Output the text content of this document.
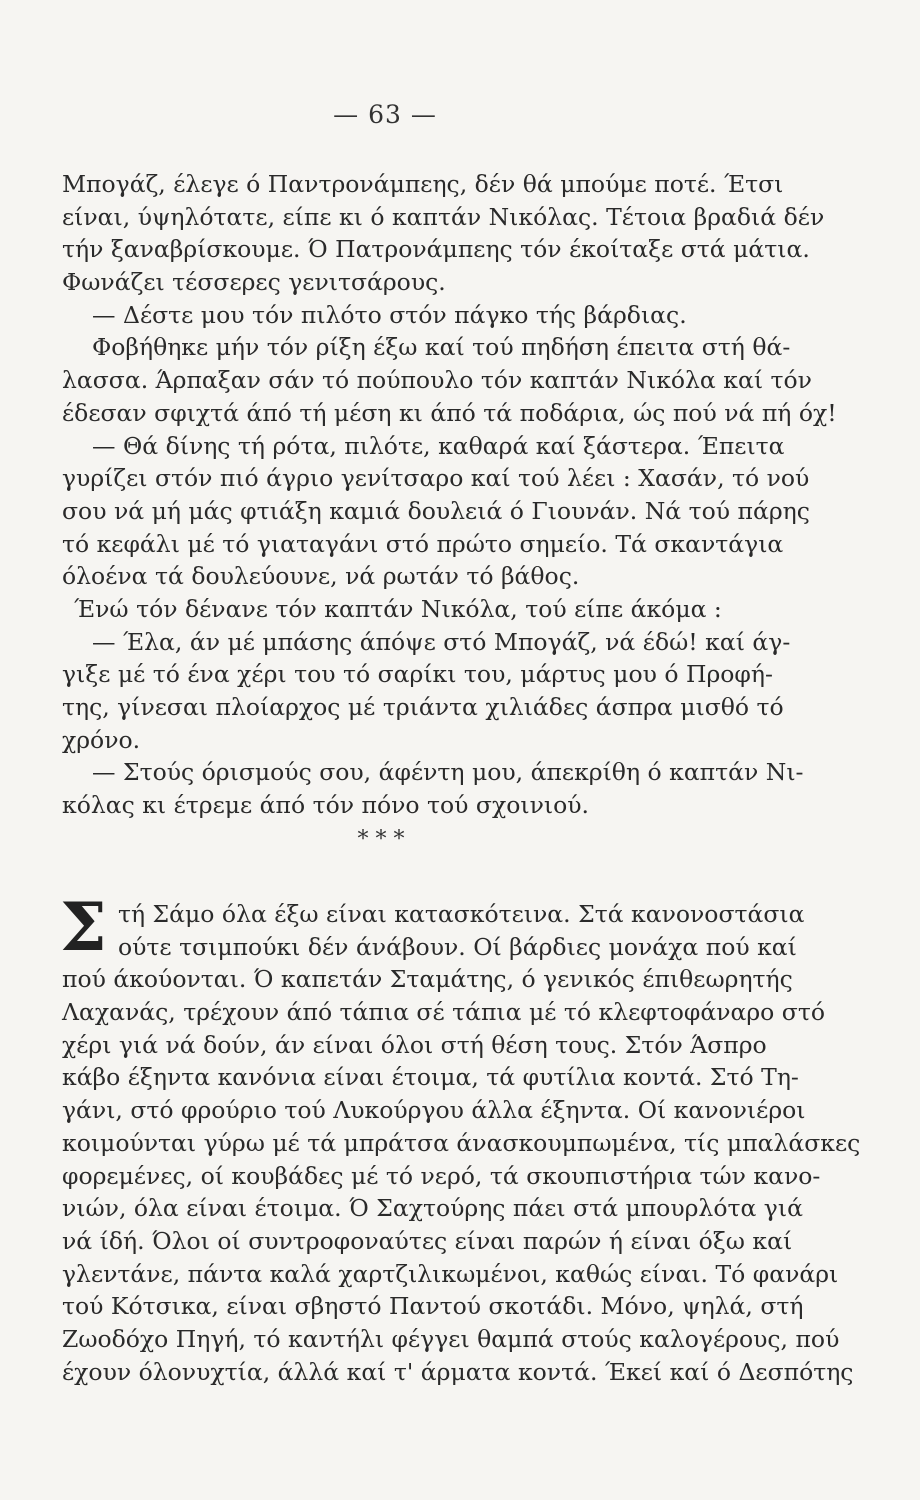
— 63 —
Μπογάζ, έλεγε ό Παντρονάμπεης, δέν θά μπούμε ποτέ. Έτσι
είναι, ύψηλότατε, είπε κι ό καπτάν Νικόλας. Τέτοια βραδιά δέν
τήν ξαναβρίσκουμε. Ό Πατρονάμπεης τόν έκοίταξε στά μάτια.
Φωνάζει τέσσερες γενιτσάρους.
— Δέστε μου τόν πιλότο στόν πάγκο τής βάρδιας.
Φοβήθηκε μήν τόν ρίξη έξω καί τού πηδήση έπειτα στή θά-
λασσα. Άρπαξαν σάν τό πούπουλο τόν καπτάν Νικόλα καί τόν
έδεσαν σφιχτά άπό τή μέση κι άπό τά ποδάρια, ώς πού νά πή όχ!
— Θά δίνης τή ρότα, πιλότε, καθαρά καί ξάστερα. Έπειτα
γυρίζει στόν πιό άγριο γενίτσαρο καί τού λέει : Χασάν, τό νού
σου νά μή μάς φτιάξη καμιά δουλειά ό Γιουνάν. Νά τού πάρης
τό κεφάλι μέ τό γιαταγάνι στό πρώτο σημείο. Τά σκαντάγια
όλοένα τά δουλεύουνε, νά ρωτάν τό βάθος.
Ένώ τόν δένανε τόν καπτάν Νικόλα, τού είπε άκόμα :
— Έλα, άν μέ μπάσης άπόψε στό Μπογάζ, νά έδώ! καί άγ-
γιξε μέ τό ένα χέρι του τό σαρίκι του, μάρτυς μου ό Προφή-
της, γίνεσαι πλοίαρχος μέ τριάντα χιλιάδες άσπρα μισθό τό
χρόνο.
— Στούς όρισμούς σου, άφέντη μου, άπεκρίθη ό καπτάν Νι-
κόλας κι έτρεμε άπό τόν πόνο τού σχοινιού.
* * *
Σ τή Σάμο όλα έξω είναι κατασκότεινα. Στά κανονοστάσια
ούτε τσιμπούκι δέν άνάβουν. Οί βάρδιες μονάχα πού καί
πού άκούονται. Ό καπετάν Σταμάτης, ό γενικός έπιθεωρητής
Λαχανάς, τρέχουν άπό τάπια σέ τάπια μέ τό κλεφτοφάναρο στό
χέρι γιά νά δούν, άν είναι όλοι στή θέση τους. Στόν Άσπρο
κάβο έξηντα κανόνια είναι έτοιμα, τά φυτίλια κοντά. Στό Τη-
γάνι, στό φρούριο τού Λυκούργου άλλα έξηντα. Οί κανονιέροι
κοιμούνται γύρω μέ τά μπράτσα άνασκουμπωμένα, τίς μπαλάσκες
φορεμένες, οί κουβάδες μέ τό νερό, τά σκουπιστήρια τών κανο-
νιών, όλα είναι έτοιμα. Ό Σαχτούρης πάει στά μπουρλότα γιά
νά ίδή. Όλοι οί συντροφοναύτες είναι παρών ή είναι όξω καί
γλεντάνε, πάντα καλά χαρτζιλικωμένοι, καθώς είναι. Τό φανάρι
τού Κότσικα, είναι σβηστό Παντού σκοτάδι. Μόνο, ψηλά, στή
Ζωοδόχο Πηγή, τό καντήλι φέγγει θαμπά στούς καλογέρους, πού
έχουν όλονυχτία, άλλά καί τ' άρματα κοντά. Έκεί καί ό Δεσπότης
